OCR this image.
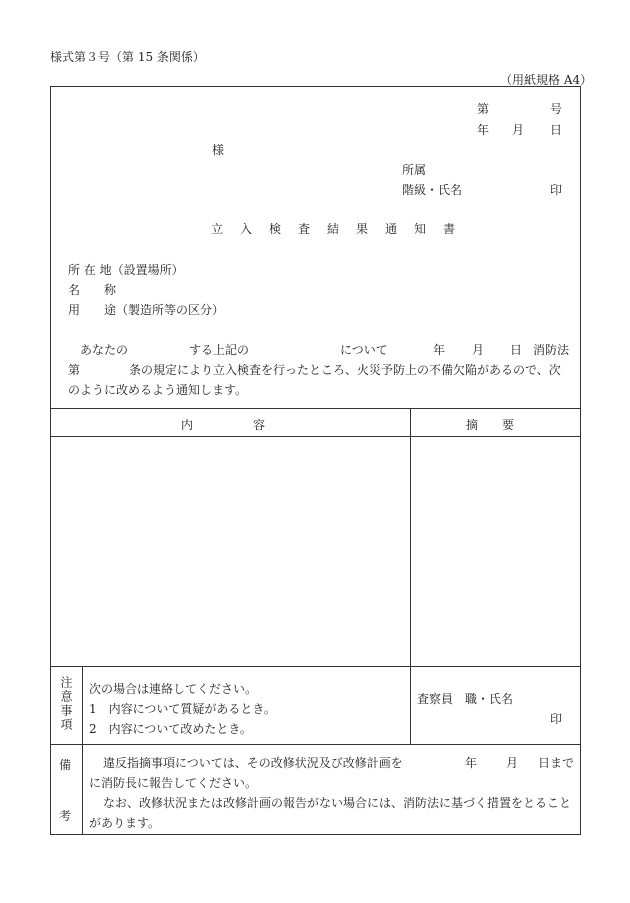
様式第３号（第 15 条関係）
（用紙規格 A4）
第	号
年 月 日
様
所属
階級・氏名	印
立入検査結果通知書
所 在 地（設置場所）
名　　称
用　　途（製造所等の区分）
あなたの	する上記の	について	年 月 日 消防法
第	条の規定により立入検査を行ったところ、火災予防上の不備欠陥があるので、次
のように改めるよう通知します。
内　　　　　容	摘　　要
注意事項 次の場合は連絡してください。
1　内容について質疑があるとき。
2　内容について改めたとき。
査察員　職・氏名
印
備
考
違反指摘事項については、その改修状況及び改修計画を	年 月 日まで
に消防長に報告してください。
なお、改修状況または改修計画の報告がない場合には、消防法に基づく措置をとること
があります。
